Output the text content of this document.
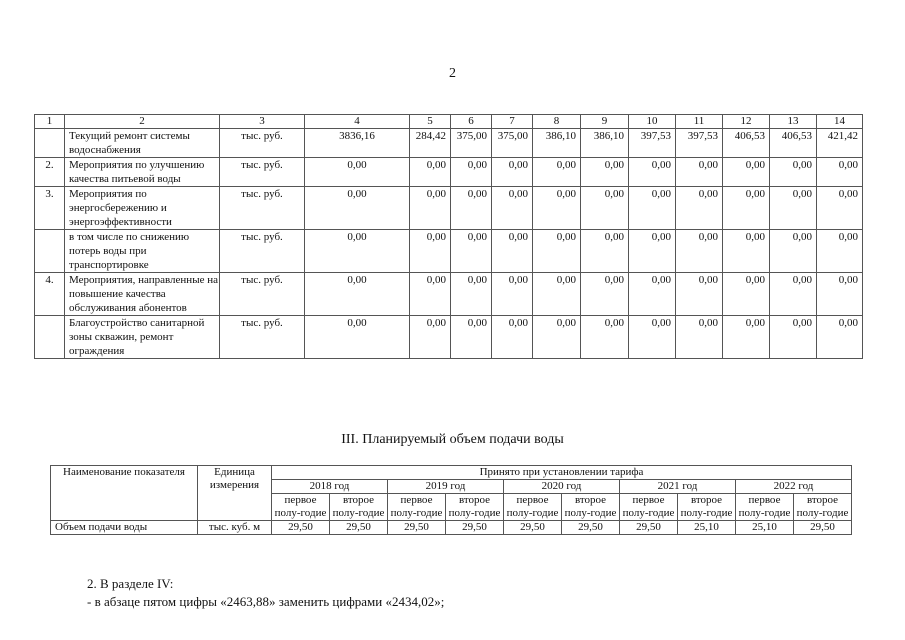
2
1	2	3	4	5	6	7	8	9	10	11	12	13	14
	Текущий ремонт системы водоснабжения	тыс. руб.	3836,16	284,42	375,00	375,00	386,10	386,10	397,53	397,53	406,53	406,53	421,42
2.	Мероприятия по улучшению качества питьевой воды	тыс. руб.	0,00	0,00	0,00	0,00	0,00	0,00	0,00	0,00	0,00	0,00	0,00
3.	Мероприятия по энергосбережению и энергоэффективности	тыс. руб.	0,00	0,00	0,00	0,00	0,00	0,00	0,00	0,00	0,00	0,00	0,00
	в том числе по снижению потерь воды при транспортировке	тыс. руб.	0,00	0,00	0,00	0,00	0,00	0,00	0,00	0,00	0,00	0,00	0,00
4.	Мероприятия, направленные на повышение качества обслуживания абонентов	тыс. руб.	0,00	0,00	0,00	0,00	0,00	0,00	0,00	0,00	0,00	0,00	0,00
	Благоустройство санитарной зоны скважин, ремонт ограждения	тыс. руб.	0,00	0,00	0,00	0,00	0,00	0,00	0,00	0,00	0,00	0,00	0,00
III. Планируемый объем подачи воды
Наименование показателя	Единица измерения	Принято при установлении тарифа									
		2018 год		2019 год		2020 год		2021 год		2022 год	
		первое полу-годие	второе полу-годие	первое полу-годие	второе полу-годие	первое полу-годие	второе полу-годие	первое полу-годие	второе полу-годие	первое полу-годие	второе полу-годие
Объем подачи воды	тыс. куб. м	29,50	29,50	29,50	29,50	29,50	29,50	29,50	25,10	25,10	29,50
2. В разделе IV:
- в абзаце пятом цифры «2463,88» заменить цифрами «2434,02»;
